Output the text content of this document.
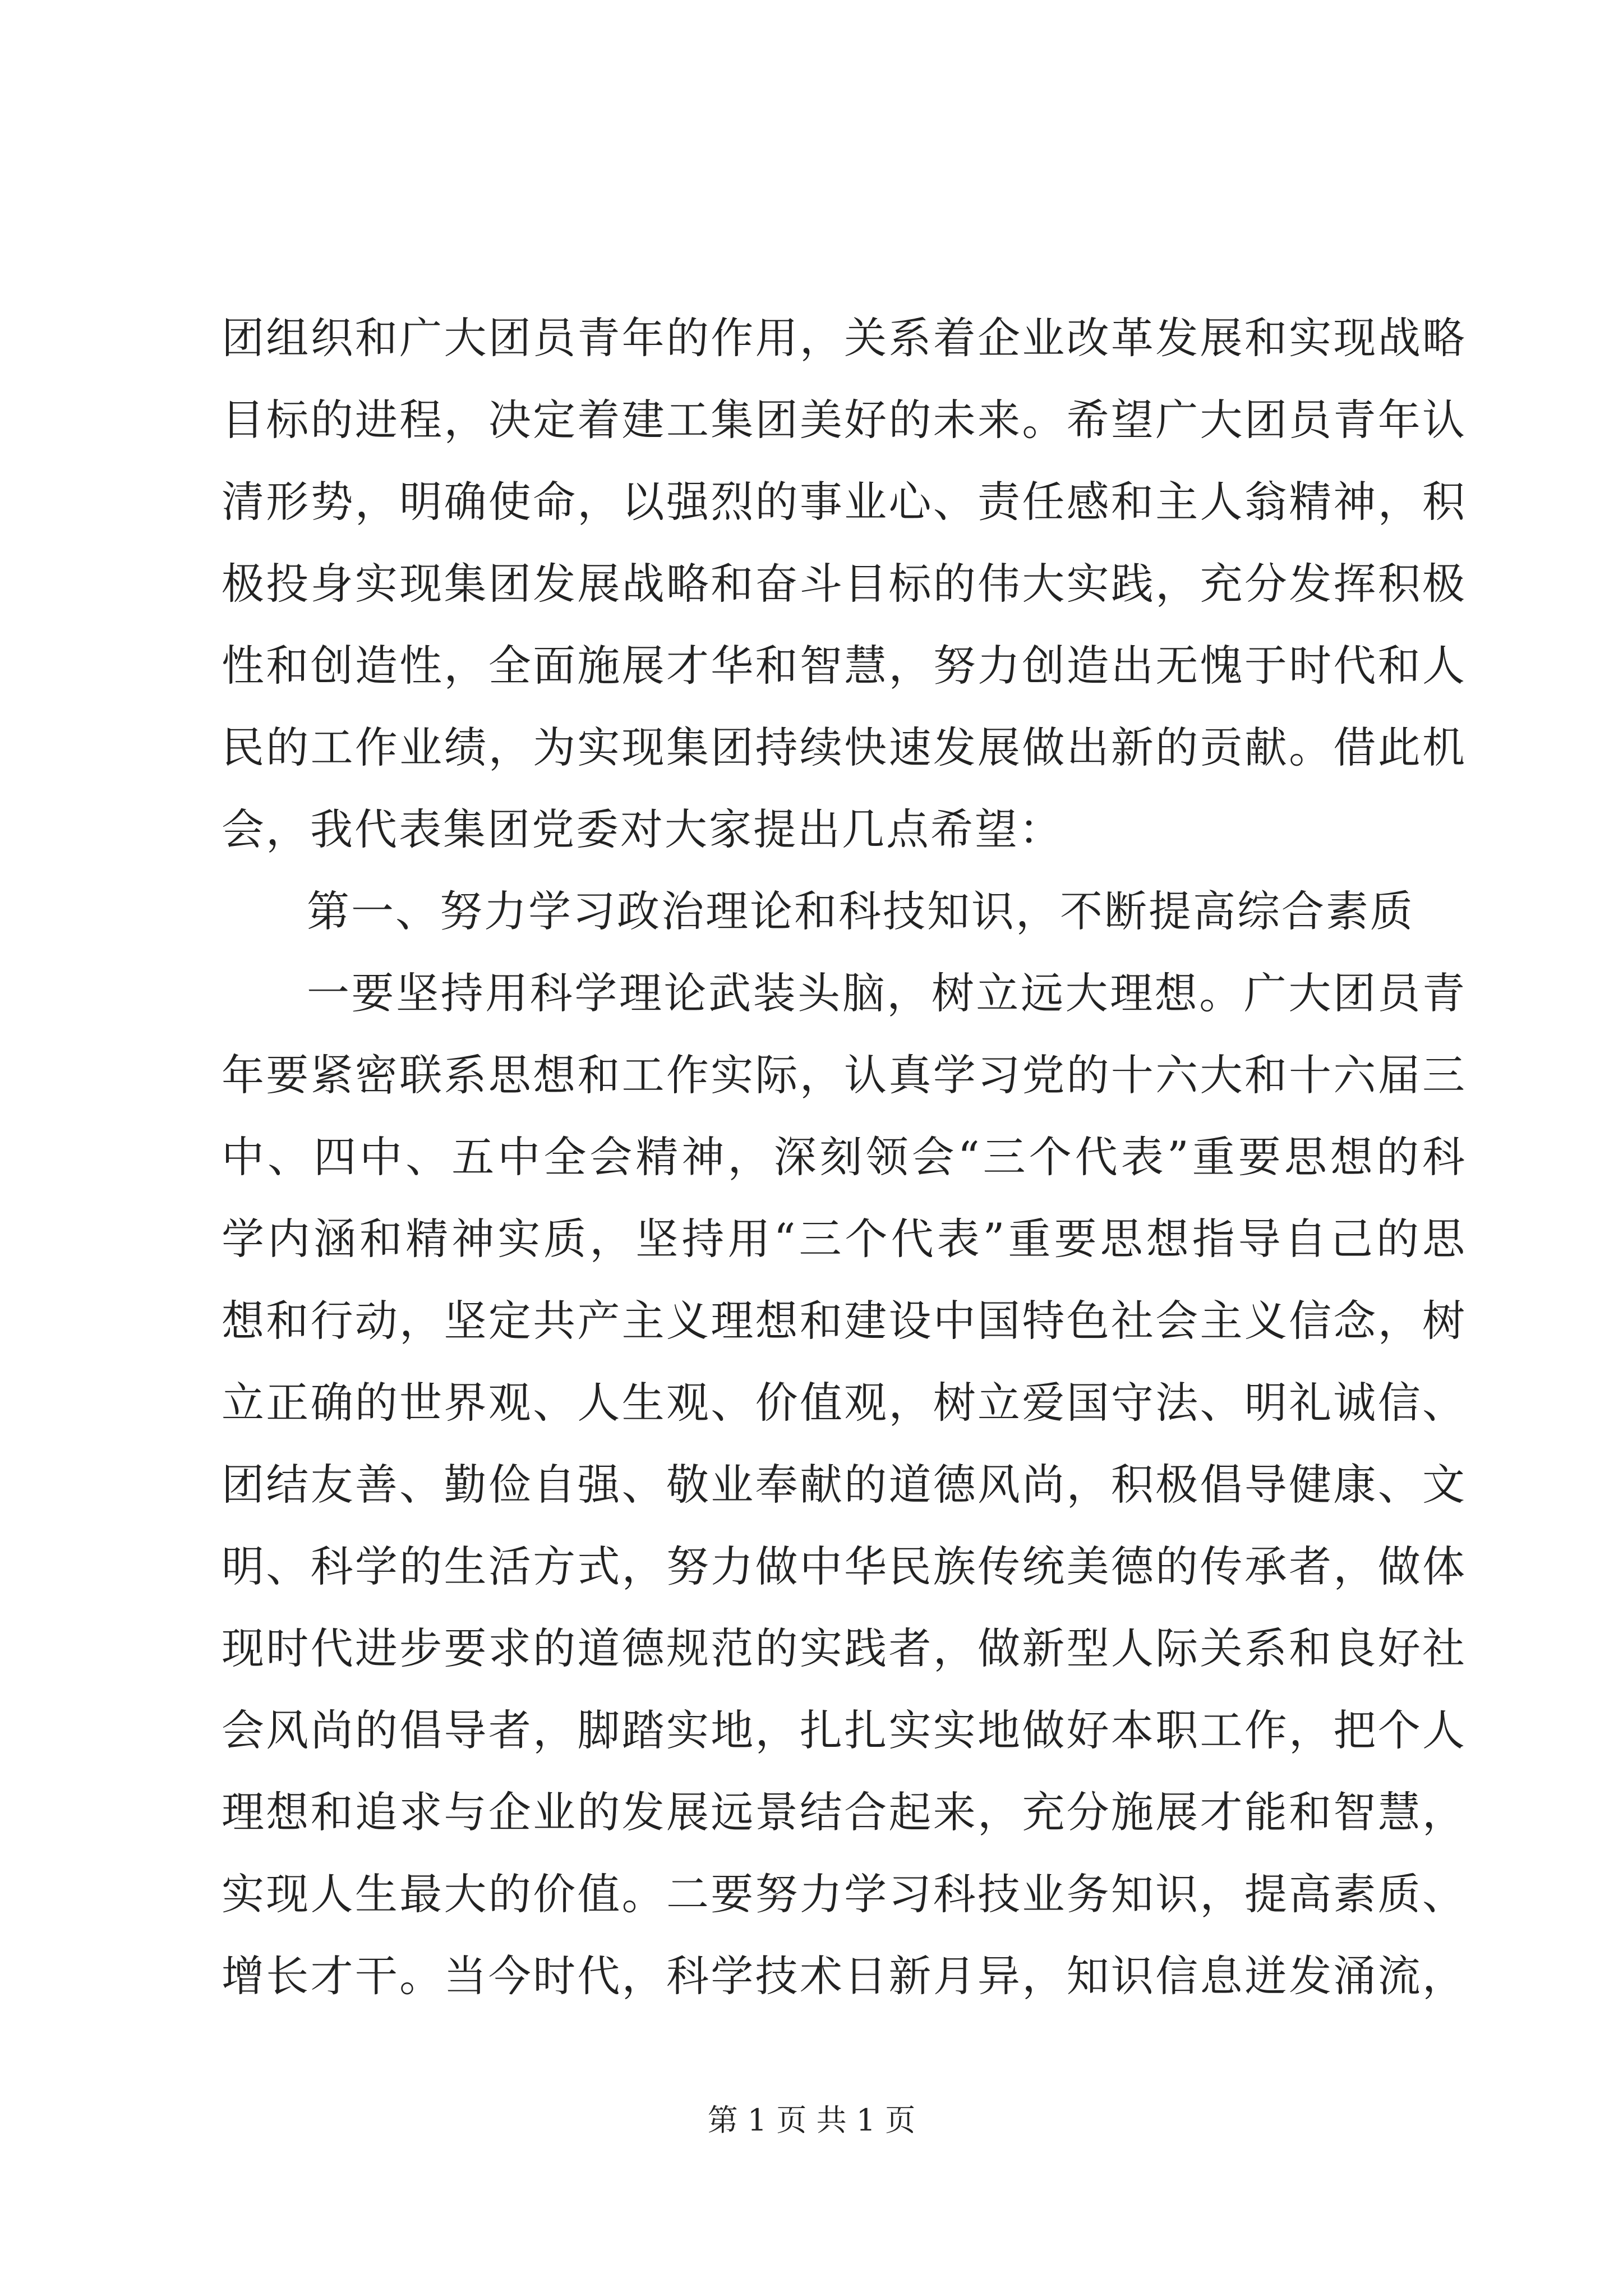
团组织和广大团员青年的作用，关系着企业改革发展和实现战略
目标的进程，决定着建工集团美好的未来。希望广大团员青年认
清形势，明确使命，以强烈的事业心、责任感和主人翁精神，积
极投身实现集团发展战略和奋斗目标的伟大实践，充分发挥积极
性和创造性，全面施展才华和智慧，努力创造出无愧于时代和人
民的工作业绩，为实现集团持续快速发展做出新的贡献。借此机
会，我代表集团党委对大家提出几点希望：
第一、努力学习政治理论和科技知识，不断提高综合素质
一要坚持用科学理论武装头脑，树立远大理想。广大团员青
年要紧密联系思想和工作实际，认真学习党的十六大和十六届三
中、四中、五中全会精神，深刻领会“三个代表”重要思想的科
学内涵和精神实质，坚持用“三个代表”重要思想指导自己的思
想和行动，坚定共产主义理想和建设中国特色社会主义信念，树
立正确的世界观、人生观、价值观，树立爱国守法、明礼诚信、
团结友善、勤俭自强、敬业奉献的道德风尚，积极倡导健康、文
明、科学的生活方式，努力做中华民族传统美德的传承者，做体
现时代进步要求的道德规范的实践者，做新型人际关系和良好社
会风尚的倡导者，脚踏实地，扎扎实实地做好本职工作，把个人
理想和追求与企业的发展远景结合起来，充分施展才能和智慧，
实现人生最大的价值。二要努力学习科技业务知识，提高素质、
增长才干。当今时代，科学技术日新月异，知识信息迸发涌流，
第 1 页 共 1 页
